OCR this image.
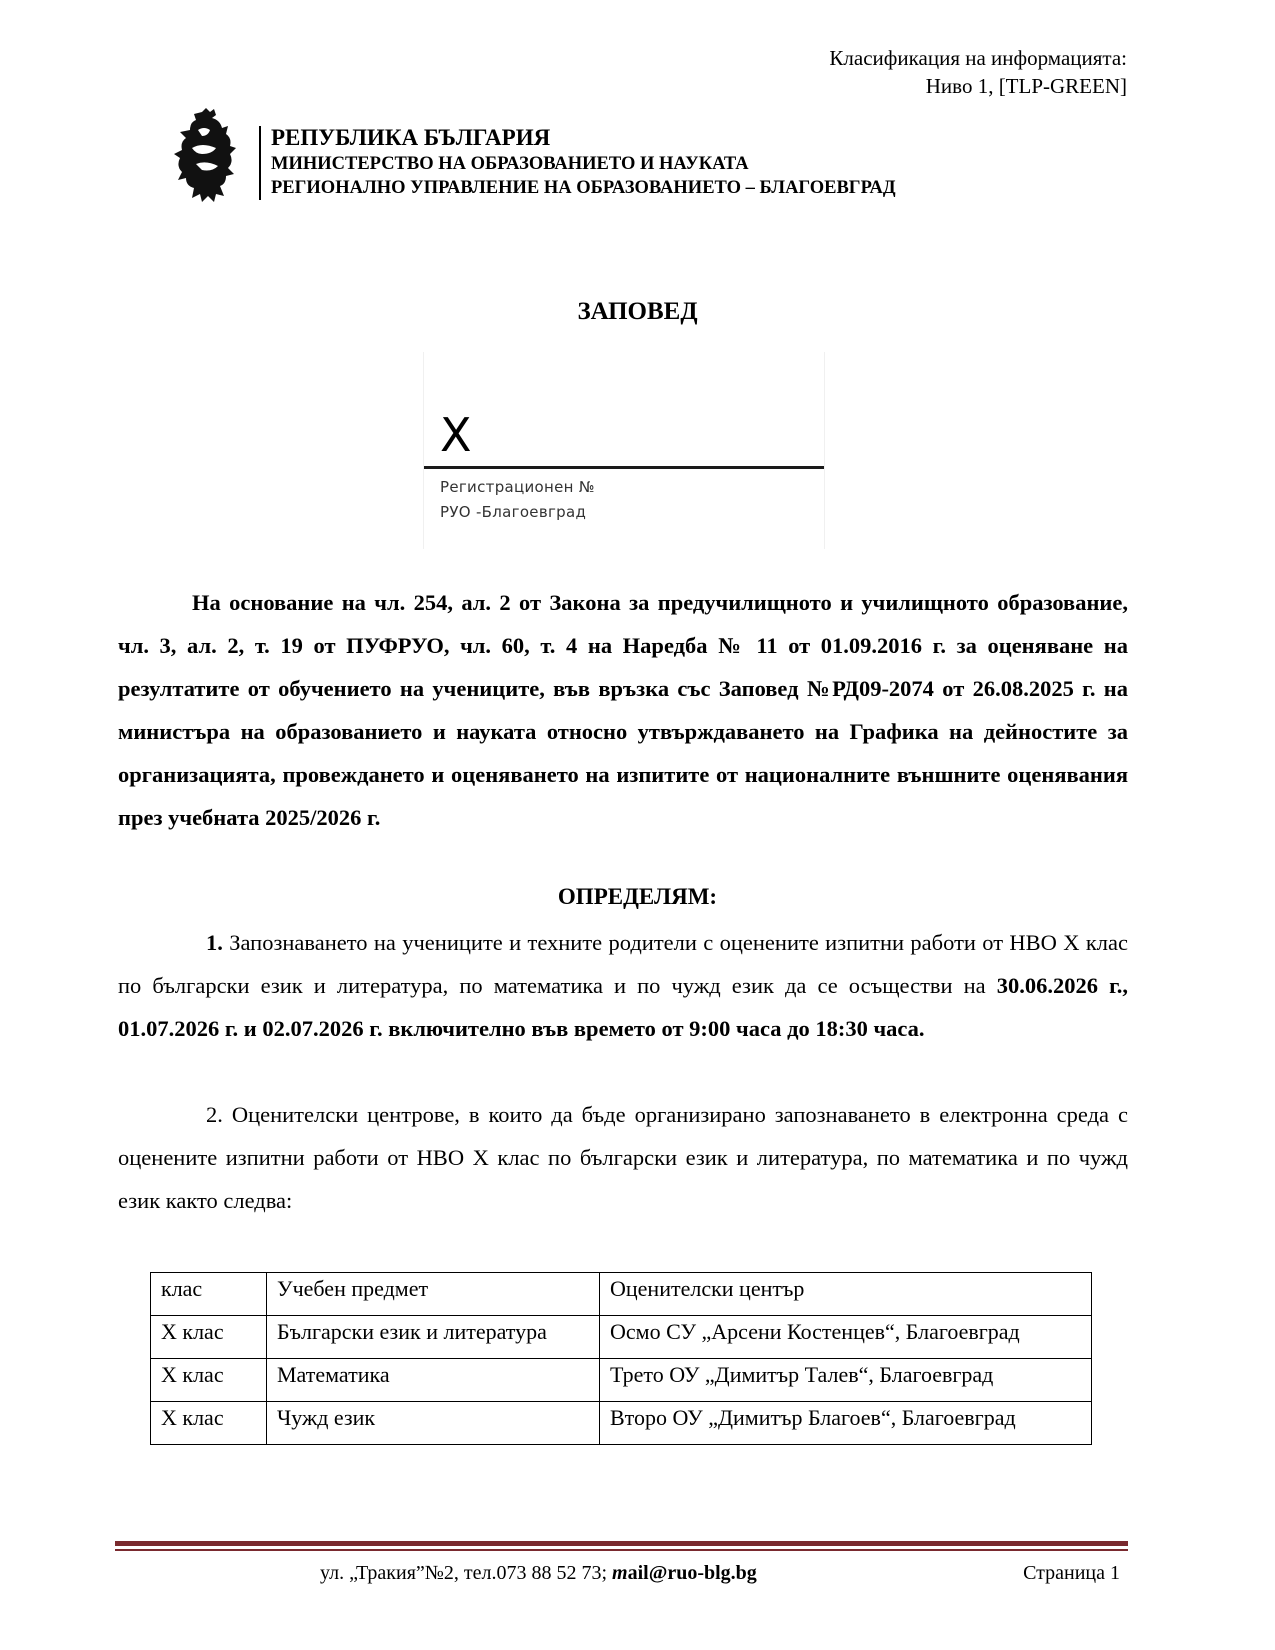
Класификация на информацията:
Ниво 1, [TLP-GREEN]
РЕПУБЛИКА БЪЛГАРИЯ
МИНИСТЕРСТВО НА ОБРАЗОВАНИЕТО И НАУКАТА
РЕГИОНАЛНО УПРАВЛЕНИЕ НА ОБРАЗОВАНИЕТО – БЛАГОЕВГРАД
ЗАПОВЕД
X
Регистрационен №
РУО -Благоевград

На основание на чл. 254, ал. 2 от Закона за предучилищното и училищното образование, чл. 3, ал. 2, т. 19 от ПУФРУО, чл. 60, т. 4 на Наредба № 11 от 01.09.2016 г. за оценяване на резултатите от обучението на учениците, във връзка със Заповед №РД09-2074 от 26.08.2025 г. на министъра на образованието и науката относно утвърждаването на Графика на дейностите за организацията, провеждането и оценяването на изпитите от националните външните оценявания през учебната 2025/2026 г.

ОПРЕДЕЛЯМ:

1. Запознаването на учениците и техните родители с оценените изпитни работи от НВО X клас по български език и литература, по математика и по чужд език да се осъществи на 30.06.2026 г., 01.07.2026 г. и 02.07.2026 г. включително във времето от 9:00 часа до 18:30 часа.

2. Оценителски центрове, в които да бъде организирано запознаването в електронна среда с оценените изпитни работи от НВО X клас по български език и литература, по математика и по чужд език както следва:

клас	Учебен предмет	Оценителски център
X клас	Български език и литература	Осмо СУ „Арсени Костенцев“, Благоевград
X клас	Математика	Трето ОУ „Димитър Талев“, Благоевград
X клас	Чужд език	Второ ОУ „Димитър Благоев“, Благоевград
ул. „Тракия”№2, тел.073 88 52 73; mail@ruo-blg.bg	Страница 1
